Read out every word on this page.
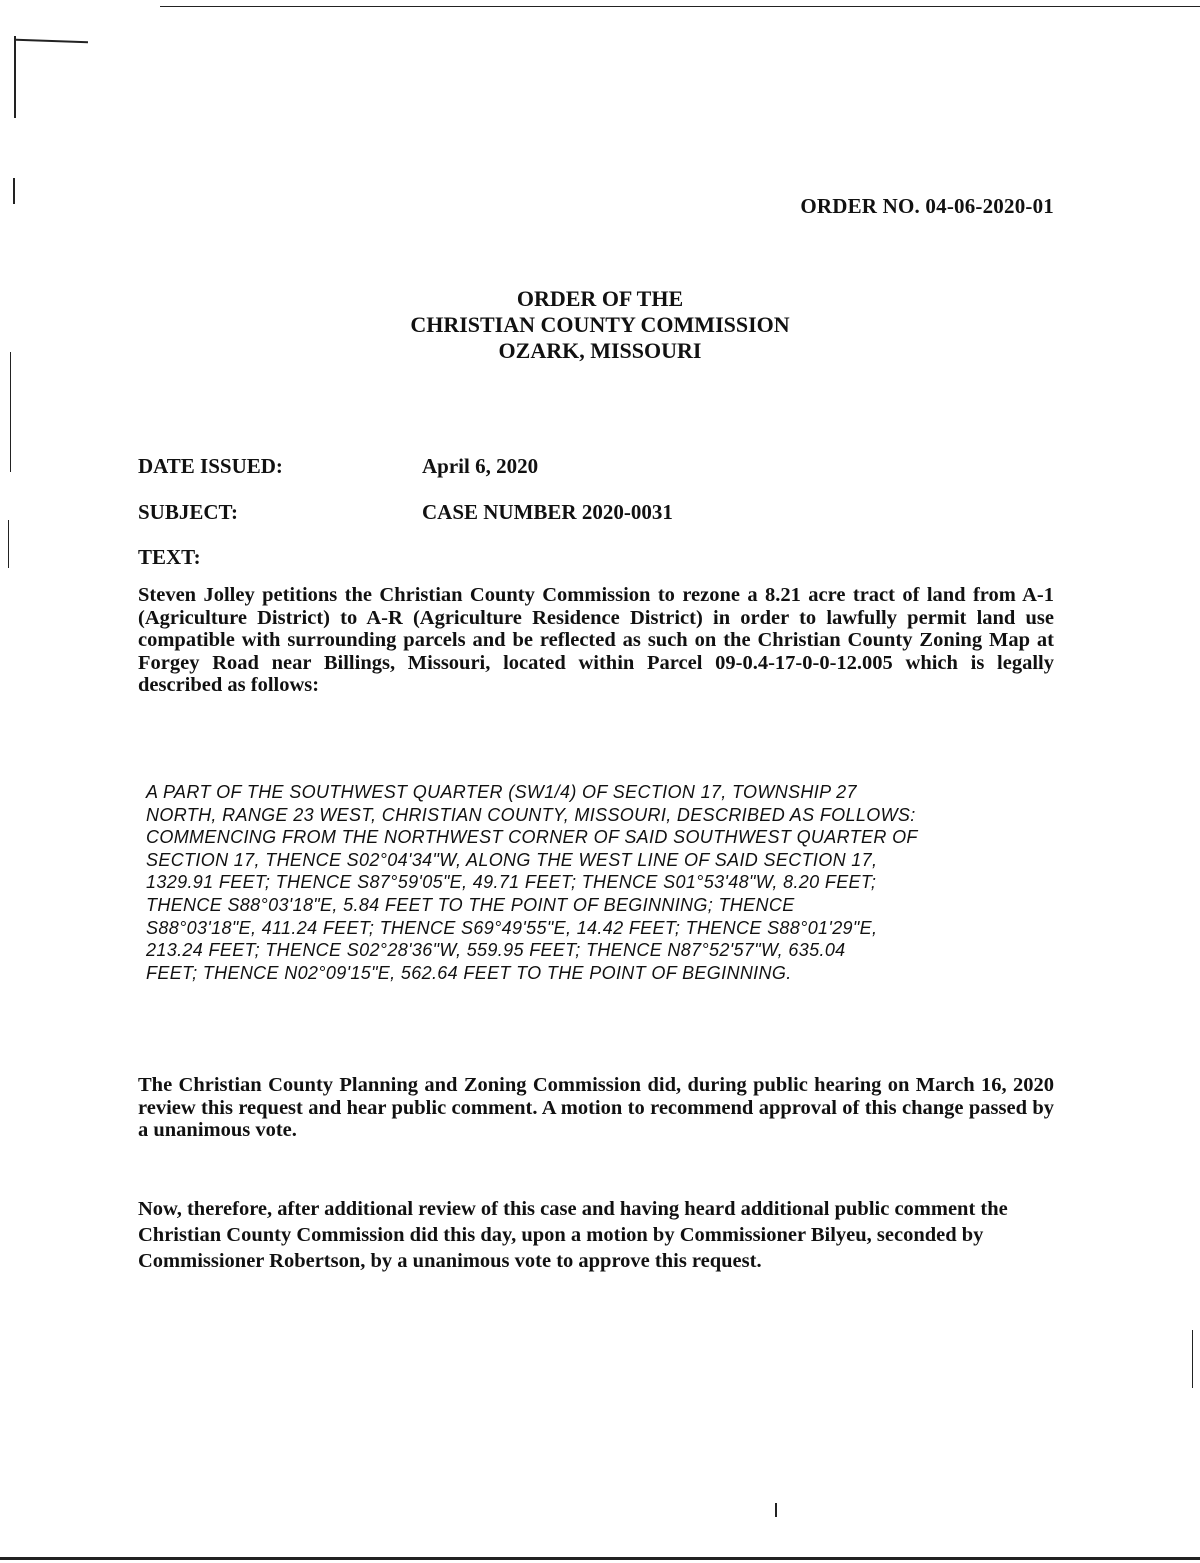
ORDER NO. 04-06-2020-01
ORDER OF THE
CHRISTIAN COUNTY COMMISSION
OZARK, MISSOURI
DATE ISSUED:	April 6, 2020
SUBJECT:	CASE NUMBER 2020-0031
TEXT:
Steven Jolley petitions the Christian County Commission to rezone a 8.21 acre tract of land from A-1 (Agriculture District) to A-R (Agriculture Residence District) in order to lawfully permit land use compatible with surrounding parcels and be reflected as such on the Christian County Zoning Map at Forgey Road near Billings, Missouri, located within Parcel 09-0.4-17-0-0-12.005 which is legally described as follows:
A PART OF THE SOUTHWEST QUARTER (SW1/4) OF SECTION 17, TOWNSHIP 27
NORTH, RANGE 23 WEST, CHRISTIAN COUNTY, MISSOURI, DESCRIBED AS FOLLOWS:
COMMENCING FROM THE NORTHWEST CORNER OF SAID SOUTHWEST QUARTER OF
SECTION 17, THENCE S02°04'34"W, ALONG THE WEST LINE OF SAID SECTION 17,
1329.91 FEET; THENCE S87°59'05"E, 49.71 FEET; THENCE S01°53'48"W, 8.20 FEET;
THENCE S88°03'18"E, 5.84 FEET TO THE POINT OF BEGINNING; THENCE
S88°03'18"E, 411.24 FEET; THENCE S69°49'55"E, 14.42 FEET; THENCE S88°01'29"E,
213.24 FEET; THENCE S02°28'36"W, 559.95 FEET; THENCE N87°52'57"W, 635.04
FEET; THENCE N02°09'15"E, 562.64 FEET TO THE POINT OF BEGINNING.
The Christian County Planning and Zoning Commission did, during public hearing on March 16, 2020 review this request and hear public comment. A motion to recommend approval of this change passed by a unanimous vote.
Now, therefore, after additional review of this case and having heard additional public comment the Christian County Commission did this day, upon a motion by Commissioner Bilyeu, seconded by Commissioner Robertson, by a unanimous vote to approve this request.
